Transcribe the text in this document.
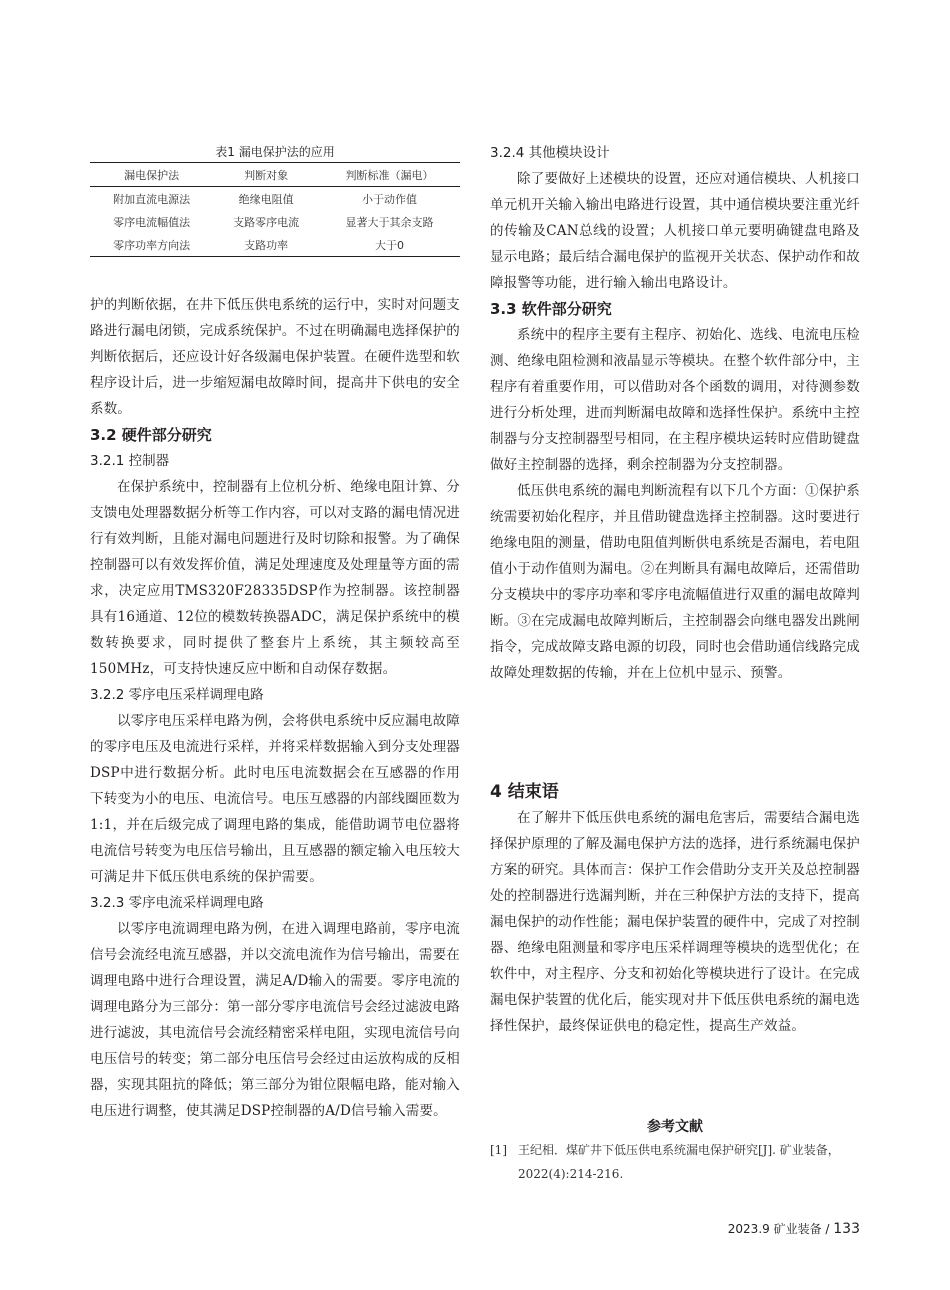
表1 漏电保护法的应用
漏电保护法	判断对象	判断标准（漏电）
附加直流电源法	绝缘电阻值	小于动作值
零序电流幅值法	支路零序电流	显著大于其余支路
零序功率方向法	支路功率	大于0

护的判断依据，在井下低压供电系统的运行中，实时对问题支路进行漏电闭锁，完成系统保护。不过在明确漏电选择保护的判断依据后，还应设计好各级漏电保护装置。在硬件选型和软程序设计后，进一步缩短漏电故障时间，提高井下供电的安全系数。

3.2 硬件部分研究

3.2.1 控制器

在保护系统中，控制器有上位机分析、绝缘电阻计算、分支馈电处理器数据分析等工作内容，可以对支路的漏电情况进行有效判断，且能对漏电问题进行及时切除和报警。为了确保控制器可以有效发挥价值，满足处理速度及处理量等方面的需求，决定应用TMS320F28335DSP作为控制器。该控制器具有16通道、12位的模数转换器ADC，满足保护系统中的模数转换要求，同时提供了整套片上系统，其主频较高至150MHz，可支持快速反应中断和自动保存数据。

3.2.2 零序电压采样调理电路

以零序电压采样电路为例，会将供电系统中反应漏电故障的零序电压及电流进行采样，并将采样数据输入到分支处理器DSP中进行数据分析。此时电压电流数据会在互感器的作用下转变为小的电压、电流信号。电压互感器的内部线圈匝数为1:1，并在后级完成了调理电路的集成，能借助调节电位器将电流信号转变为电压信号输出，且互感器的额定输入电压较大可满足井下低压供电系统的保护需要。

3.2.3 零序电流采样调理电路

以零序电流调理电路为例，在进入调理电路前，零序电流信号会流经电流互感器，并以交流电流作为信号输出，需要在调理电路中进行合理设置，满足A/D输入的需要。零序电流的调理电路分为三部分：第一部分零序电流信号会经过滤波电路进行滤波，其电流信号会流经精密采样电阻，实现电流信号向电压信号的转变；第二部分电压信号会经过由运放构成的反相器，实现其阻抗的降低；第三部分为钳位限幅电路，能对输入电压进行调整，使其满足DSP控制器的A/D信号输入需要。

3.2.4 其他模块设计

除了要做好上述模块的设置，还应对通信模块、人机接口单元机开关输入输出电路进行设置，其中通信模块要注重光纤的传输及CAN总线的设置；人机接口单元要明确键盘电路及显示电路；最后结合漏电保护的监视开关状态、保护动作和故障报警等功能，进行输入输出电路设计。

3.3 软件部分研究

系统中的程序主要有主程序、初始化、选线、电流电压检测、绝缘电阻检测和液晶显示等模块。在整个软件部分中，主程序有着重要作用，可以借助对各个函数的调用，对待测参数进行分析处理，进而判断漏电故障和选择性保护。系统中主控制器与分支控制器型号相同，在主程序模块运转时应借助键盘做好主控制器的选择，剩余控制器为分支控制器。

低压供电系统的漏电判断流程有以下几个方面：①保护系统需要初始化程序，并且借助键盘选择主控制器。这时要进行绝缘电阻的测量，借助电阻值判断供电系统是否漏电，若电阻值小于动作值则为漏电。②在判断具有漏电故障后，还需借助分支模块中的零序功率和零序电流幅值进行双重的漏电故障判断。③在完成漏电故障判断后，主控制器会向继电器发出跳闸指令，完成故障支路电源的切段，同时也会借助通信线路完成故障处理数据的传输，并在上位机中显示、预警。

4 结束语

在了解井下低压供电系统的漏电危害后，需要结合漏电选择保护原理的了解及漏电保护方法的选择，进行系统漏电保护方案的研究。具体而言：保护工作会借助分支开关及总控制器处的控制器进行选漏判断，并在三种保护方法的支持下，提高漏电保护的动作性能；漏电保护装置的硬件中，完成了对控制器、绝缘电阻测量和零序电压采样调理等模块的选型优化；在软件中，对主程序、分支和初始化等模块进行了设计。在完成漏电保护装置的优化后，能实现对井下低压供电系统的漏电选择性保护，最终保证供电的稳定性，提高生产效益。

参考文献
[1] 王纪相．煤矿井下低压供电系统漏电保护研究[J]. 矿业装备，2022(4):214-216.
2023.9 矿业装备 / 133
